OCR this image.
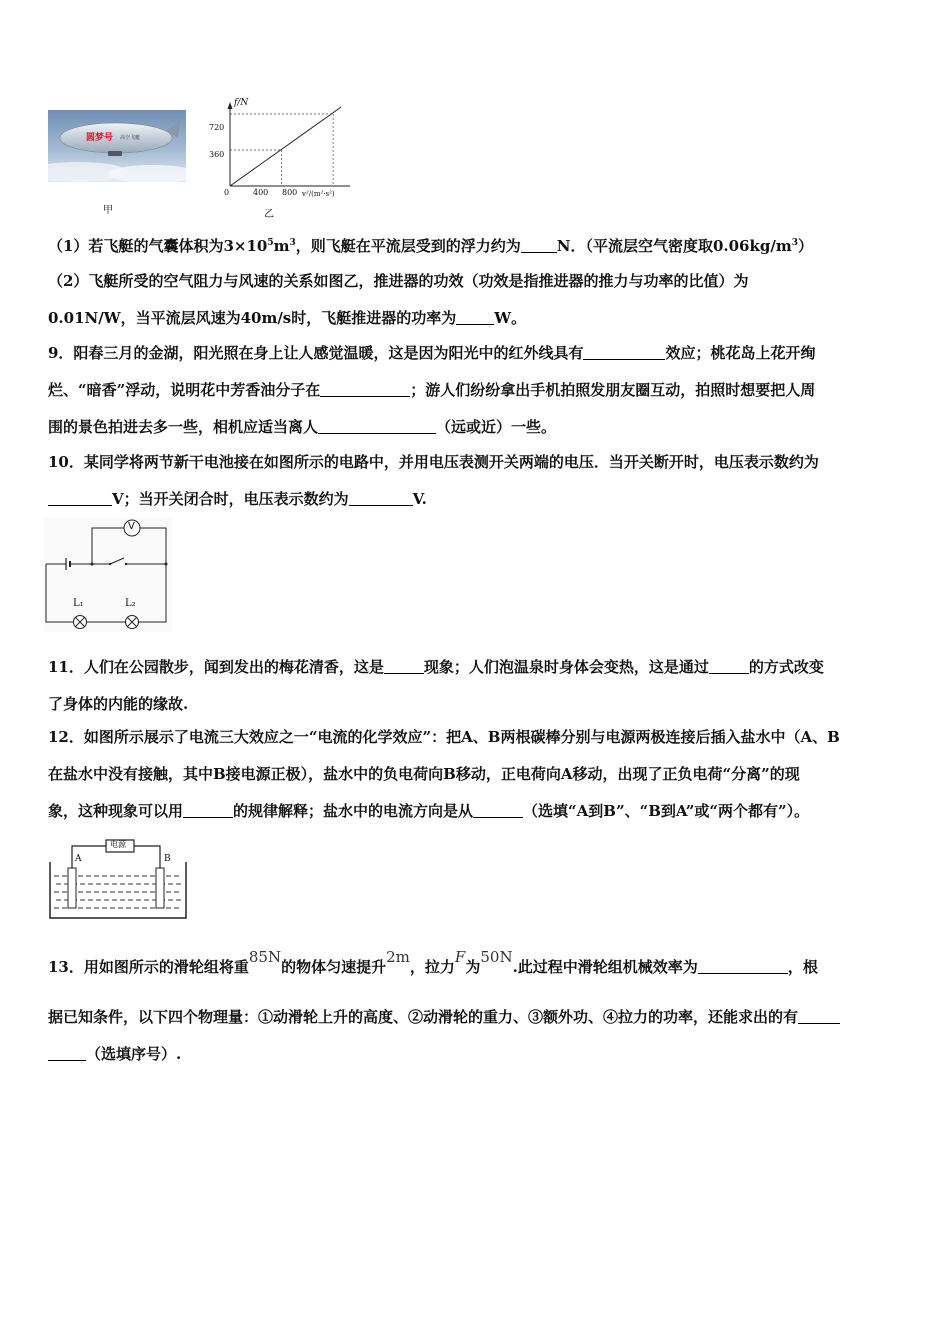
圆梦号 高空飞艇
甲
f/N
720
360
0	400 800 v²/(m²·s²)
乙
（1）若飞艇的气囊体积为$3\times 10^5m^3$，则飞艇在平流层受到的浮力约为 N．（平流层空气密度取$0.06kg/m^3$）
（2）飞艇所受的空气阻力与风速的关系如图乙，推进器的功效（功效是指推进器的推力与功率的比值）为
0.01N/W，当平流层风速为40m/s时，飞艇推进器的功率为	W。
9．阳春三月的金湖，阳光照在身上让人感觉温暖，这是因为阳光中的红外线具有	效应；桃花岛上花开绚
烂、“暗香”浮动，说明花中芳香油分子在	；游人们纷纷拿出手机拍照发朋友圈互动，拍照时想要把人周
围的景色拍进去多一些，相机应适当离人	（远或近）一些。
10．某同学将两节新干电池接在如图所示的电路中，并用电压表测开关两端的电压．当开关断开时，电压表示数约为
V；当开关闭合时，电压表示数约为	V.
V
L₁	L₂
11．人们在公园散步，闻到发出的梅花清香，这是	现象；人们泡温泉时身体会变热，这是通过	的方式改变
了身体的内能的缘故.
12．如图所示展示了电流三大效应之一“电流的化学效应”：把A、B两根碳棒分别与电源两极连接后插入盐水中（A、B
在盐水中没有接触，其中B接电源正极），盐水中的负电荷向B移动，正电荷向A移动，出现了正负电荷“分离”的现
象，这种现象可以用	的规律解释；盐水中的电流方向是从	（选填“A到B”、“B到A”或“两个都有”）。
电源
A	B
13．用如图所示的滑轮组将重85N的物体匀速提升2m，拉力F为50N.此过程中滑轮组机械效率为	，根
据已知条件，以下四个物理量：①动滑轮上升的高度、②动滑轮的重力、③额外功、④拉力的功率，还能求出的有
（选填序号）.
